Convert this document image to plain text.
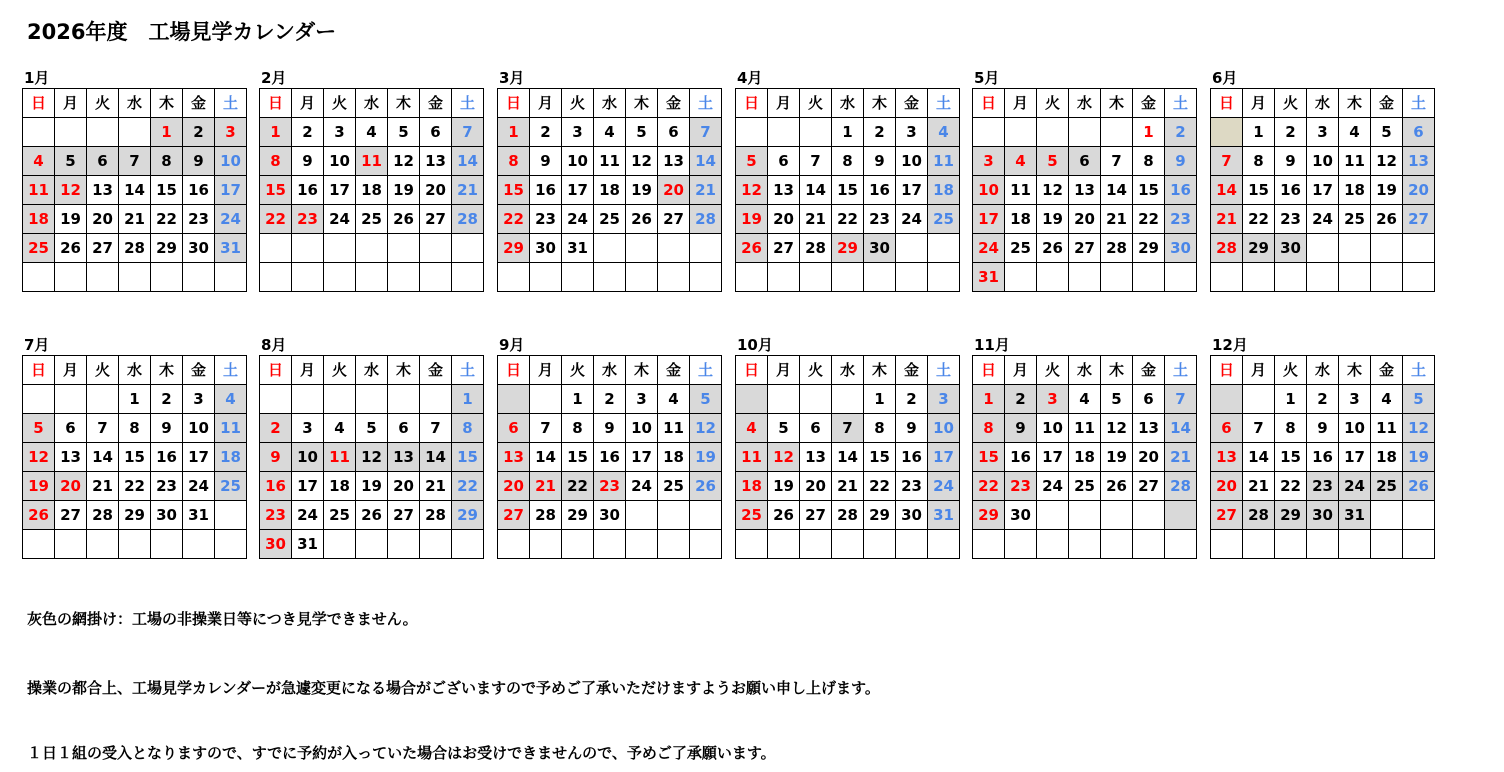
2026年度　工場見学カレンダー
1月
日	月	火	水	木	金	土
				1	2	3
4	5	6	7	8	9	10
11	12	13	14	15	16	17
18	19	20	21	22	23	24
25	26	27	28	29	30	31

2月
日	月	火	水	木	金	土
1	2	3	4	5	6	7
8	9	10	11	12	13	14
15	16	17	18	19	20	21
22	23	24	25	26	27	28

3月
日	月	火	水	木	金	土
1	2	3	4	5	6	7
8	9	10	11	12	13	14
15	16	17	18	19	20	21
22	23	24	25	26	27	28
29	30	31				

4月
日	月	火	水	木	金	土
			1	2	3	4
5	6	7	8	9	10	11
12	13	14	15	16	17	18
19	20	21	22	23	24	25
26	27	28	29	30		

5月
日	月	火	水	木	金	土
					1	2
3	4	5	6	7	8	9
10	11	12	13	14	15	16
17	18	19	20	21	22	23
24	25	26	27	28	29	30
31						
6月
日	月	火	水	木	金	土
	1	2	3	4	5	6
7	8	9	10	11	12	13
14	15	16	17	18	19	20
21	22	23	24	25	26	27
28	29	30				

7月
日	月	火	水	木	金	土
			1	2	3	4
5	6	7	8	9	10	11
12	13	14	15	16	17	18
19	20	21	22	23	24	25
26	27	28	29	30	31	

8月
日	月	火	水	木	金	土
						1
2	3	4	5	6	7	8
9	10	11	12	13	14	15
16	17	18	19	20	21	22
23	24	25	26	27	28	29
30	31					
9月
日	月	火	水	木	金	土
		1	2	3	4	5
6	7	8	9	10	11	12
13	14	15	16	17	18	19
20	21	22	23	24	25	26
27	28	29	30			

10月
日	月	火	水	木	金	土
				1	2	3
4	5	6	7	8	9	10
11	12	13	14	15	16	17
18	19	20	21	22	23	24
25	26	27	28	29	30	31

11月
日	月	火	水	木	金	土
1	2	3	4	5	6	7
8	9	10	11	12	13	14
15	16	17	18	19	20	21
22	23	24	25	26	27	28
29	30					

12月
日	月	火	水	木	金	土
		1	2	3	4	5
6	7	8	9	10	11	12
13	14	15	16	17	18	19
20	21	22	23	24	25	26
27	28	29	30	31		

灰色の網掛け：工場の非操業日等につき見学できません。
操業の都合上、工場見学カレンダーが急遽変更になる場合がございますので予めご了承いただけますようお願い申し上げます。
１日１組の受入となりますので、すでに予約が入っていた場合はお受けできませんので、予めご了承願います。
